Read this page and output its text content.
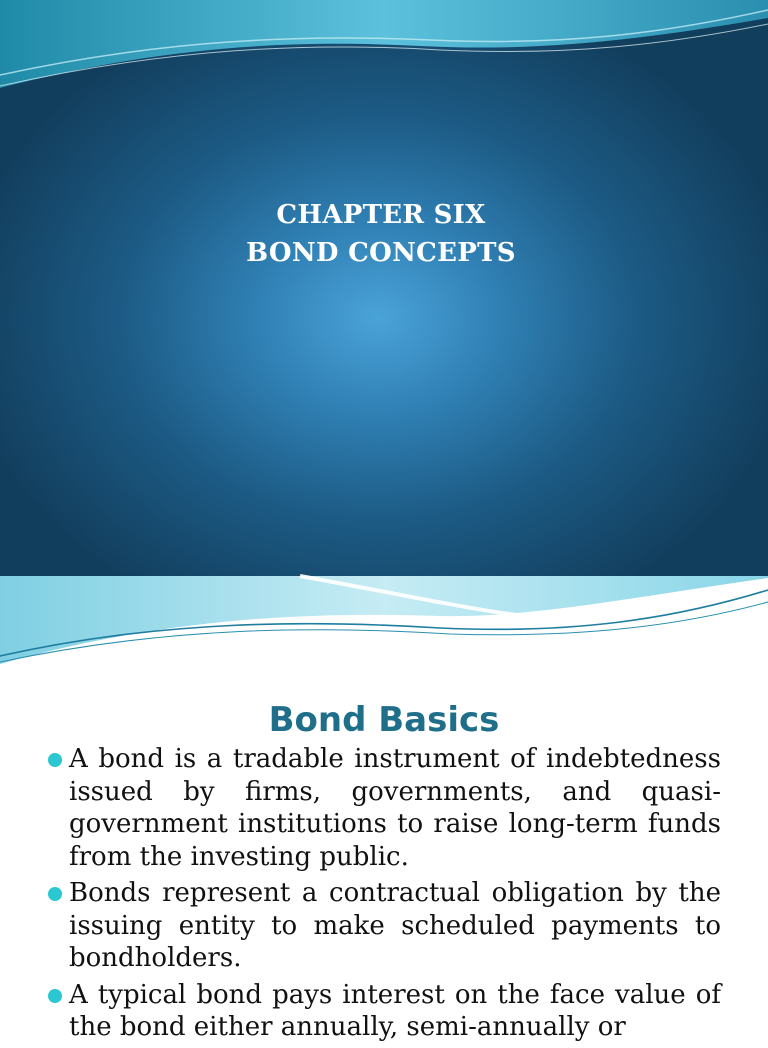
CHAPTER SIX
BOND CONCEPTS
Bond Basics
A bond is a tradable instrument of indebtedness issued by firms, governments, and quasi-government institutions to raise long-term funds from the investing public.
Bonds represent a contractual obligation by the issuing entity to make scheduled payments to bondholders.
A typical bond pays interest on the face value of the bond either annually, semi-annually or
